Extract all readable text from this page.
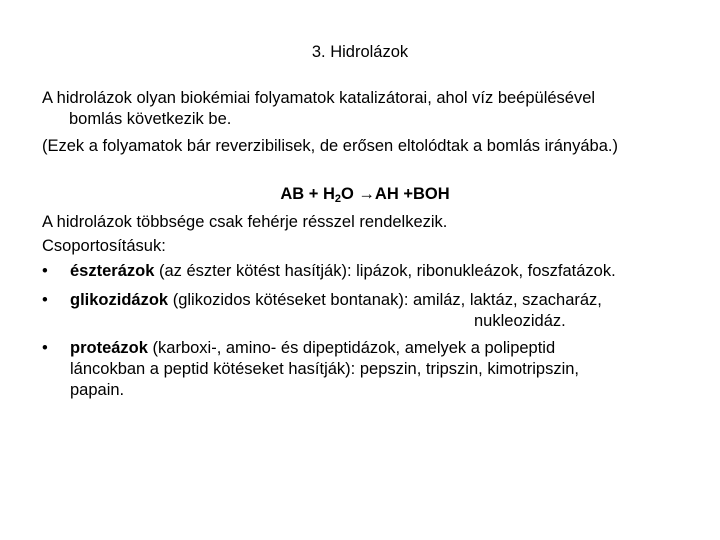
3. Hidrolázok
A hidrolázok olyan biokémiai folyamatok katalizátorai, ahol víz beépülésével
bomlás következik be.
(Ezek a folyamatok bár reverzibilisek, de erősen eltolódtak a bomlás irányába.)
AB + $H_2O \to AH +BOH$
A hidrolázok többsége csak fehérje résszel rendelkezik.
Csoportosításuk:
•	észterázok (az észter kötést hasítják): lipázok, ribonukleázok, foszfatázok.
•	glikozidázok (glikozidos kötéseket bontanak): amiláz, laktáz, szacharáz,
nukleozidáz.
•	proteázok (karboxi-, amino- és dipeptidázok, amelyek a polipeptid
láncokban a peptid kötéseket hasítják): pepszin, tripszin, kimotripszin,
papain.
